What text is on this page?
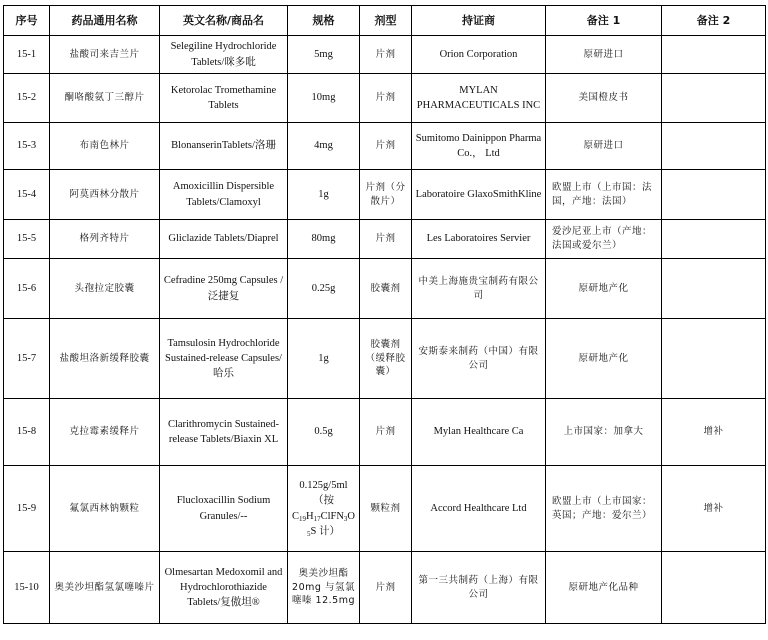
序号	药品通用名称	英文名称/商品名	规格	剂型	持证商	备注 1	备注 2
15-1	盐酸司来吉兰片	Selegiline Hydrochloride Tablets/咪多吡	5mg	片剂	Orion Corporation	原研进口	
15-2	酮咯酸氨丁三醇片	Ketorolac Tromethamine Tablets	10mg	片剂	MYLAN PHARMACEUTICALS INC	美国橙皮书	
15-3	布南色林片	BlonanserinTablets/洛珊	4mg	片剂	Sumitomo Dainippon Pharma Co.， Ltd	原研进口	
15-4	阿莫西林分散片	Amoxicillin Dispersible Tablets/Clamoxyl	1g	片剂（分散片）	Laboratoire GlaxoSmithKline	欧盟上市（上市国：法国，产地：法国）	
15-5	格列齐特片	Gliclazide Tablets/Diaprel	80mg	片剂	Les Laboratoires Servier	爱沙尼亚上市（产地：法国或爱尔兰）	
15-6	头孢拉定胶囊	Cefradine 250mg Capsules /泛捷复	0.25g	胶囊剂	中美上海施贵宝制药有限公司	原研地产化	
15-7	盐酸坦洛新缓释胶囊	Tamsulosin Hydrochloride Sustained-release Capsules/哈乐	1g	胶囊剂（缓释胶囊）	安斯泰来制药（中国）有限公司	原研地产化	
15-8	克拉霉素缓释片	Clarithromycin Sustained-release Tablets/Biaxin XL	0.5g	片剂	Mylan Healthcare Ca	上市国家：加拿大	增补
15-9	氟氯西林钠颗粒	Flucloxacillin Sodium Granules/--	0.125g/5ml（按 $C_{19}H_{17}ClFN_3O_5S$ 计）	颗粒剂	Accord Healthcare Ltd	欧盟上市（上市国家：英国；产地：爱尔兰）	增补
15-10	奥美沙坦酯氢氯噻嗪片	Olmesartan Medoxomil and Hydrochlorothiazide Tablets/复傲坦®	奥美沙坦酯 20mg 与氢氯噻嗪 12.5mg	片剂	第一三共制药（上海）有限公司	原研地产化品种	
